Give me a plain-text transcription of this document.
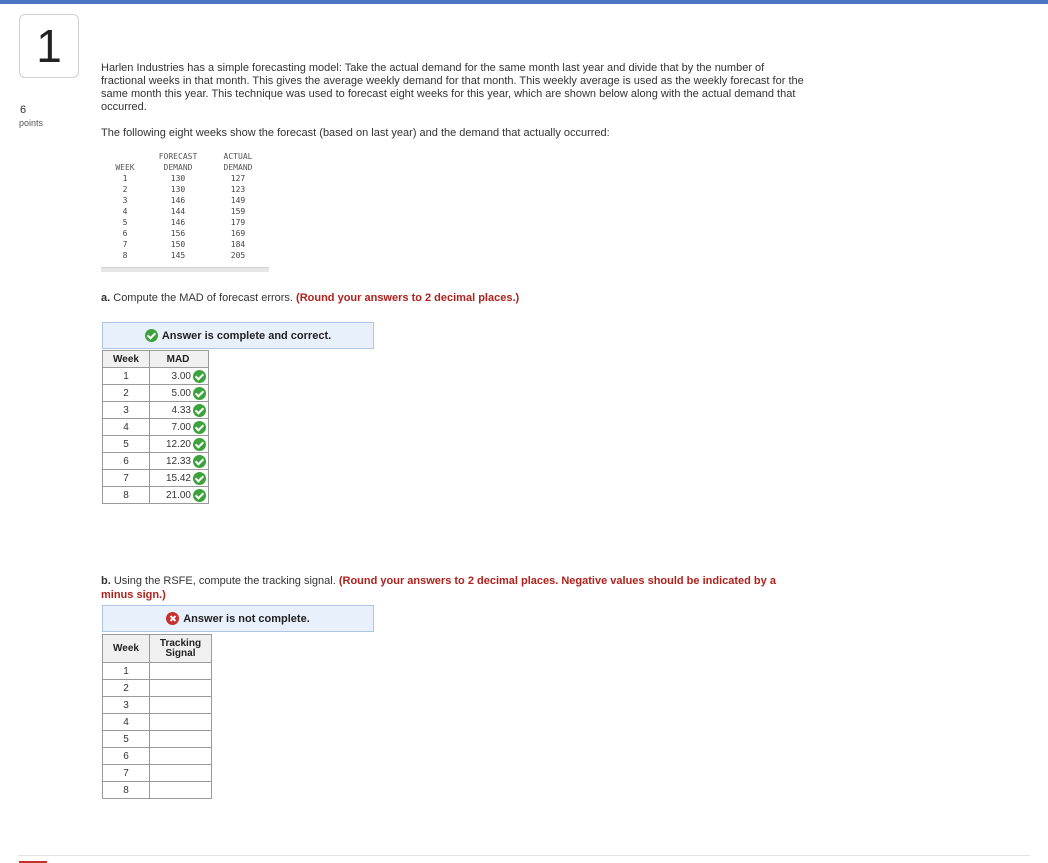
1
6
points

Harlen Industries has a simple forecasting model: Take the actual demand for the same month last year and divide that by the number of fractional weeks in that month. This gives the average weekly demand for that month. This weekly average is used as the weekly forecast for the same month this year. This technique was used to forecast eight weeks for this year, which are shown below along with the actual demand that occurred.

The following eight weeks show the forecast (based on last year) and the demand that actually occurred:

	FORECAST	ACTUAL
WEEK	DEMAND	DEMAND
1	130	127
2	130	123
3	146	149
4	144	159
5	146	179
6	156	169
7	150	184
8	145	205
a. Compute the MAD of forecast errors. (Round your answers to 2 decimal places.)
Answer is complete and correct.
Week	MAD
1	3.00
2	5.00
3	4.33
4	7.00
5	12.20
6	12.33
7	15.42
8	21.00
b. Using the RSFE, compute the tracking signal. (Round your answers to 2 decimal places. Negative values should be indicated by a
minus sign.)
Answer is not complete.
Week	Tracking
Signal
1	
2	
3	
4	
5	
6	
7	
8	
